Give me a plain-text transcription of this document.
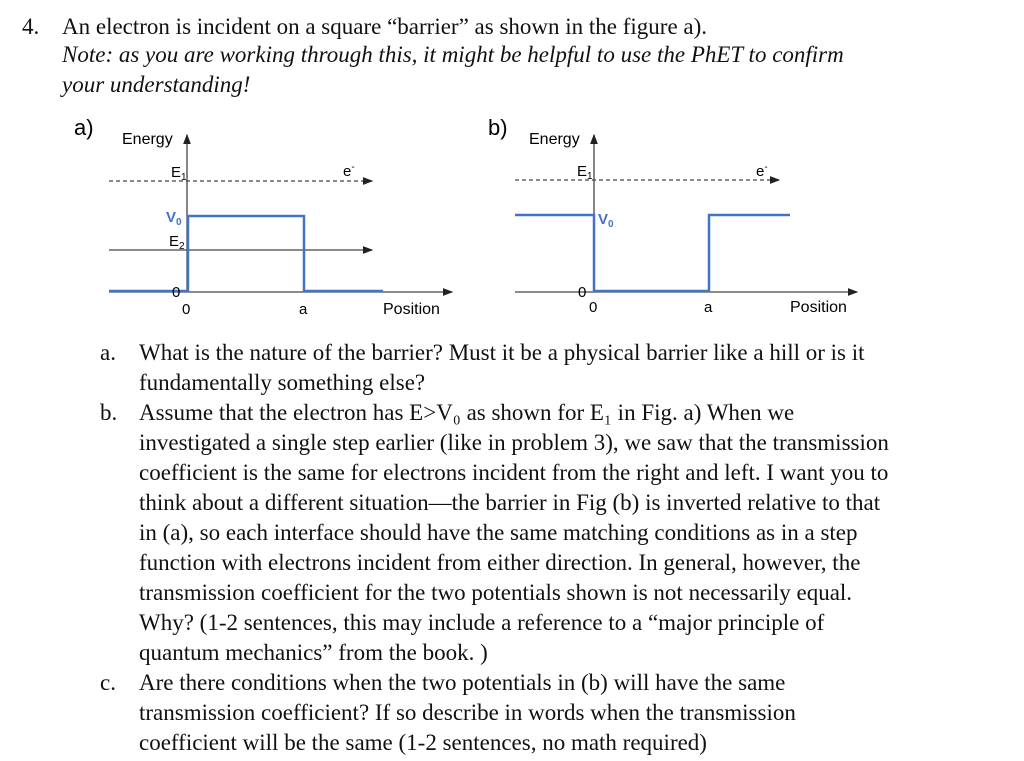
4. An electron is incident on a square “barrier” as shown in the figure a).
Note: as you are working through this, it might be helpful to use the PhET to confirm
your understanding!
a) Energy
$E_1$
$V_0$
$E_2$
e-
0
0	a	Position
b) Energy
$E_1$
$V_0$
e-
0
0	a	Position
a. What is the nature of the barrier? Must it be a physical barrier like a hill or is it
fundamentally something else?
b. Assume that the electron has E>V₀ as shown for E₁ in Fig. a) When we
investigated a single step earlier (like in problem 3), we saw that the transmission
coefficient is the same for electrons incident from the right and left. I want you to
think about a different situation—the barrier in Fig (b) is inverted relative to that
in (a), so each interface should have the same matching conditions as in a step
function with electrons incident from either direction. In general, however, the
transmission coefficient for the two potentials shown is not necessarily equal.
Why? (1-2 sentences, this may include a reference to a “major principle of
quantum mechanics” from the book. )
c. Are there conditions when the two potentials in (b) will have the same
transmission coefficient? If so describe in words when the transmission
coefficient will be the same (1-2 sentences, no math required)
